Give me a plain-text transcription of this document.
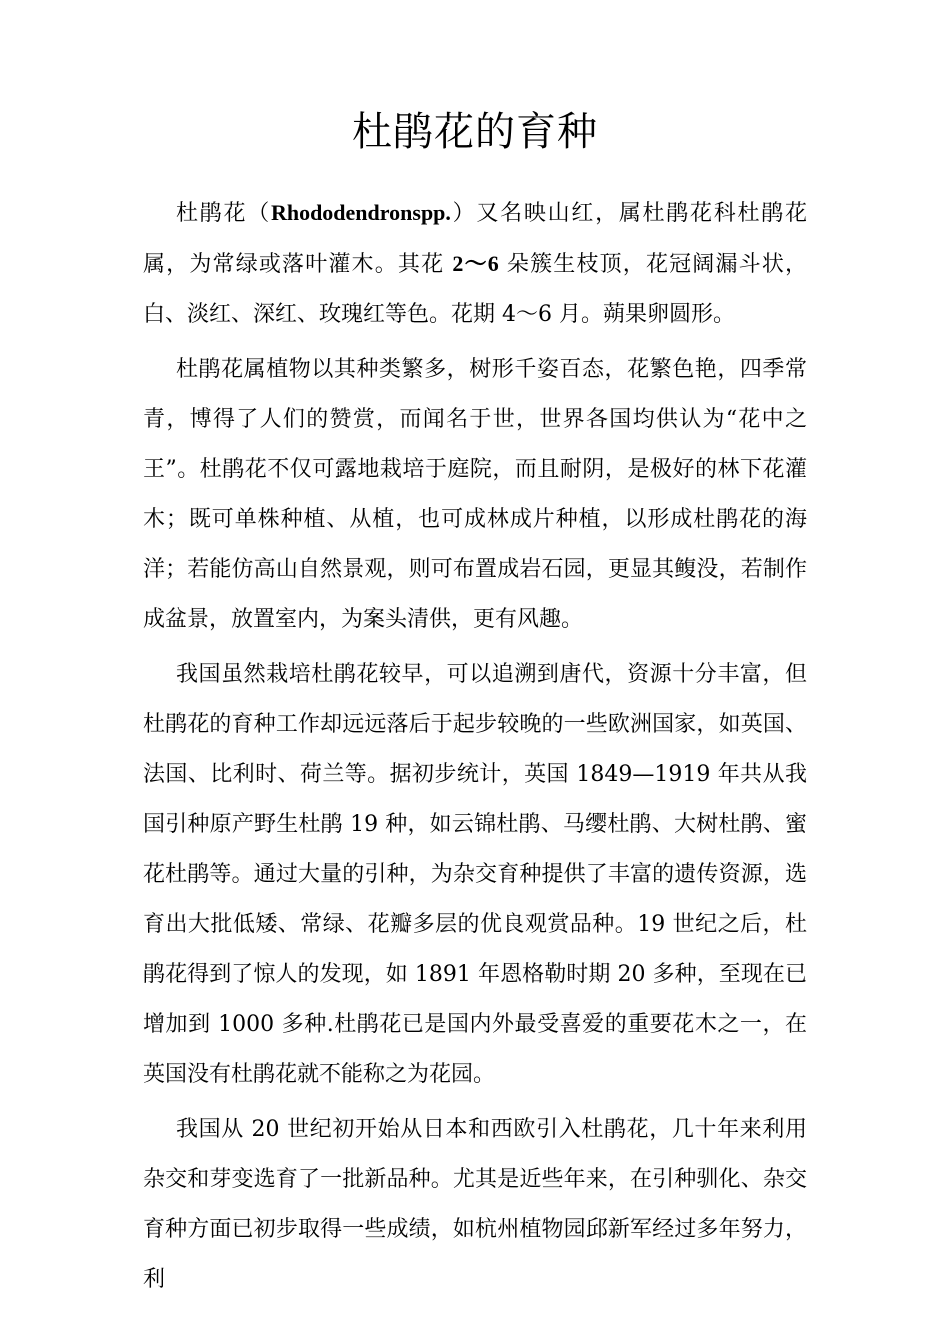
杜鹃花的育种

杜鹃花（Rhododendronspp.）又名映山红，属杜鹃花科杜鹃花属，为常绿或落叶灌木。其花 2～6 朵簇生枝顶，花冠阔漏斗状，白、淡红、深红、玫瑰红等色。花期 4～6 月。蒴果卵圆形。

杜鹃花属植物以其种类繁多，树形千姿百态，花繁色艳，四季常青，博得了人们的赞赏，而闻名于世，世界各国均供认为“花中之王”。杜鹃花不仅可露地栽培于庭院，而且耐阴，是极好的林下花灌木；既可单株种植、从植，也可成林成片种植，以形成杜鹃花的海洋；若能仿高山自然景观，则可布置成岩石园，更显其鳆没，若制作成盆景，放置室内，为案头清供，更有风趣。

我国虽然栽培杜鹃花较早，可以追溯到唐代，资源十分丰富，但杜鹃花的育种工作却远远落后于起步较晚的一些欧洲国家，如英国、法国、比利时、荷兰等。据初步统计，英国 1849—1919 年共从我国引种原产野生杜鹃 19 种，如云锦杜鹃、马缨杜鹃、大树杜鹃、蜜花杜鹃等。通过大量的引种，为杂交育种提供了丰富的遗传资源，选育出大批低矮、常绿、花瓣多层的优良观赏品种。19 世纪之后，杜鹃花得到了惊人的发现，如 1891 年恩格勒时期 20 多种，至现在已增加到 1000 多种.杜鹃花已是国内外最受喜爱的重要花木之一，在英国没有杜鹃花就不能称之为花园。

我国从 20 世纪初开始从日本和西欧引入杜鹃花，几十年来利用杂交和芽变选育了一批新品种。尤其是近些年来，在引种驯化、杂交育种方面已初步取得一些成绩，如杭州植物园邱新军经过多年努力，利
